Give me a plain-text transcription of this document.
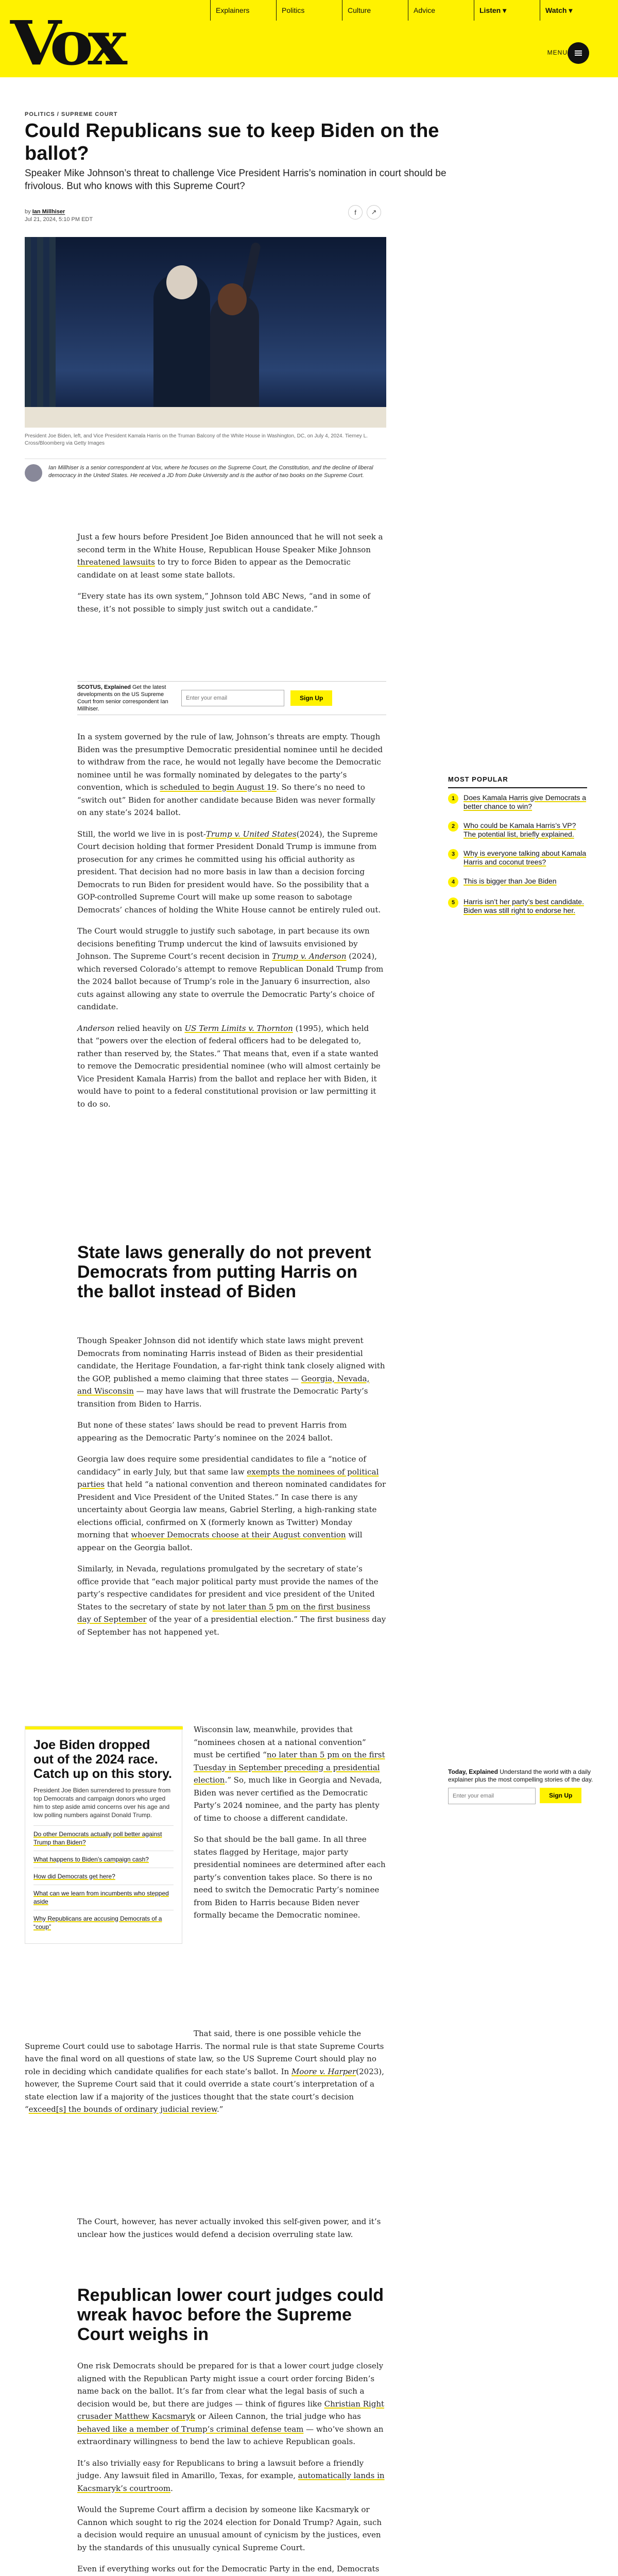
Vox	Explainers	Politics	Culture	Advice	Listen ▾	Watch ▾
MENU
POLITICS / SUPREME COURT
Could Republicans sue to keep Biden on the ballot?

Speaker Mike Johnson’s threat to challenge Vice President Harris’s nomination in court should be frivolous. But who knows with this Supreme Court?

by Ian Millhiser
Jul 21, 2024, 5:10 PM EDT
f	↗

President Joe Biden, left, and Vice President Kamala Harris on the Truman Balcony of the White House in Washington, DC, on July 4, 2024. Tierney L. Cross/Bloomberg via Getty Images

Ian Millhiser is a senior correspondent at Vox, where he focuses on the Supreme Court, the Constitution, and the decline of liberal democracy in the United States. He received a JD from Duke University and is the author of two books on the Supreme Court.

Just a few hours before President Joe Biden announced that he will not seek a second term in the White House, Republican House Speaker Mike Johnson threatened lawsuits to try to force Biden to appear as the Democratic candidate on at least some state ballots.

“Every state has its own system,” Johnson told ABC News, “and in some of these, it’s not possible to simply just switch out a candidate.”

SCOTUS, Explained Get the latest developments on the US Supreme Court from senior correspondent Ian Millhiser.
Enter your email
Sign Up

In a system governed by the rule of law, Johnson’s threats are empty. Though Biden was the presumptive Democratic presidential nominee until he decided to withdraw from the race, he would not legally have become the Democratic nominee until he was formally nominated by delegates to the party’s convention, which is scheduled to begin August 19. So there’s no need to “switch out” Biden for another candidate because Biden was never formally on any state’s 2024 ballot.

Still, the world we live in is post-Trump v. United States(2024), the Supreme Court decision holding that former President Donald Trump is immune from prosecution for any crimes he committed using his official authority as president. That decision had no more basis in law than a decision forcing Democrats to run Biden for president would have. So the possibility that a GOP-controlled Supreme Court will make up some reason to sabotage Democrats’ chances of holding the White House cannot be entirely ruled out.

The Court would struggle to justify such sabotage, in part because its own decisions benefiting Trump undercut the kind of lawsuits envisioned by Johnson. The Supreme Court’s recent decision in Trump v. Anderson (2024), which reversed Colorado’s attempt to remove Republican Donald Trump from the 2024 ballot because of Trump’s role in the January 6 insurrection, also cuts against allowing any state to overrule the Democratic Party’s choice of candidate.

Anderson relied heavily on US Term Limits v. Thornton (1995), which held that “powers over the election of federal officers had to be delegated to, rather than reserved by, the States.” That means that, even if a state wanted to remove the Democratic presidential nominee (who will almost certainly be Vice President Kamala Harris) from the ballot and replace her with Biden, it would have to point to a federal constitutional provision or law permitting it to do so.

State laws generally do not prevent Democrats from putting Harris on the ballot instead of Biden

Though Speaker Johnson did not identify which state laws might prevent Democrats from nominating Harris instead of Biden as their presidential candidate, the Heritage Foundation, a far-right think tank closely aligned with the GOP, published a memo claiming that three states — Georgia, Nevada, and Wisconsin — may have laws that will frustrate the Democratic Party’s transition from Biden to Harris.

But none of these states’ laws should be read to prevent Harris from appearing as the Democratic Party’s nominee on the 2024 ballot.

Georgia law does require some presidential candidates to file a “notice of candidacy” in early July, but that same law exempts the nominees of political parties that held “a national convention and thereon nominated candidates for President and Vice President of the United States.” In case there is any uncertainty about Georgia law means, Gabriel Sterling, a high-ranking state elections official, confirmed on X (formerly known as Twitter) Monday morning that whoever Democrats choose at their August convention will appear on the Georgia ballot.

Similarly, in Nevada, regulations promulgated by the secretary of state’s office provide that “each major political party must provide the names of the party’s respective candidates for president and vice president of the United States to the secretary of state by not later than 5 pm on the first business day of September of the year of a presidential election.” The first business day of September has not happened yet.

Joe Biden dropped out of the 2024 race. Catch up on this story.

President Joe Biden surrendered to pressure from top Democrats and campaign donors who urged him to step aside amid concerns over his age and low polling numbers against Donald Trump.

Do other Democrats actually poll better against Trump than Biden?
What happens to Biden’s campaign cash?
How did Democrats get here?
What can we learn from incumbents who stepped aside
Why Republicans are accusing Democrats of a “coup”

Wisconsin law, meanwhile, provides that “nominees chosen at a national convention” must be certified “no later than 5 pm on the first Tuesday in September preceding a presidential election.” So, much like in Georgia and Nevada, Biden was never certified as the Democratic Party’s 2024 nominee, and the party has plenty of time to choose a different candidate.

So that should be the ball game. In all three states flagged by Heritage, major party presidential nominees are determined after each party’s convention takes place. So there is no need to switch the Democratic Party’s nominee from Biden to Harris because Biden never formally became the Democratic nominee.

That said, there is one possible vehicle the Supreme Court could use to sabotage Harris. The normal rule is that state Supreme Courts have the final word on all questions of state law, so the US Supreme Court should play no role in deciding which candidate qualifies for each state’s ballot. In Moore v. Harper(2023), however, the Supreme Court said that it could override a state court’s interpretation of a state election law if a majority of the justices thought that the state court’s decision “exceed[s] the bounds of ordinary judicial review.”

The Court, however, has never actually invoked this self-given power, and it’s unclear how the justices would defend a decision overruling state law.

MOST POPULAR
1	Does Kamala Harris give Democrats a better chance to win?
2	Who could be Kamala Harris’s VP? The potential list, briefly explained.
3	Why is everyone talking about Kamala Harris and coconut trees?
4	This is bigger than Joe Biden
5	Harris isn’t her party’s best candidate. Biden was still right to endorse her.

Today, Explained Understand the world with a daily explainer plus the most compelling stories of the day.

Enter your email
Sign Up
Republican lower court judges could wreak havoc before the Supreme Court weighs in

One risk Democrats should be prepared for is that a lower court judge closely aligned with the Republican Party might issue a court order forcing Biden’s name back on the ballot. It’s far from clear what the legal basis of such a decision would be, but there are judges — think of figures like Christian Right crusader Matthew Kacsmaryk or Aileen Cannon, the trial judge who has behaved like a member of Trump’s criminal defense team — who’ve shown an extraordinary willingness to bend the law to achieve Republican goals.

It’s also trivially easy for Republicans to bring a lawsuit before a friendly judge. Any lawsuit filed in Amarillo, Texas, for example, automatically lands in Kacsmaryk’s courtroom.

Would the Supreme Court affirm a decision by someone like Kacsmaryk or Cannon which sought to rig the 2024 election for Donald Trump? Again, such a decision would require an unusual amount of cynicism by the justices, even by the standards of this unusually cynical Supreme Court.

Even if everything works out for the Democratic Party in the end, Democrats
